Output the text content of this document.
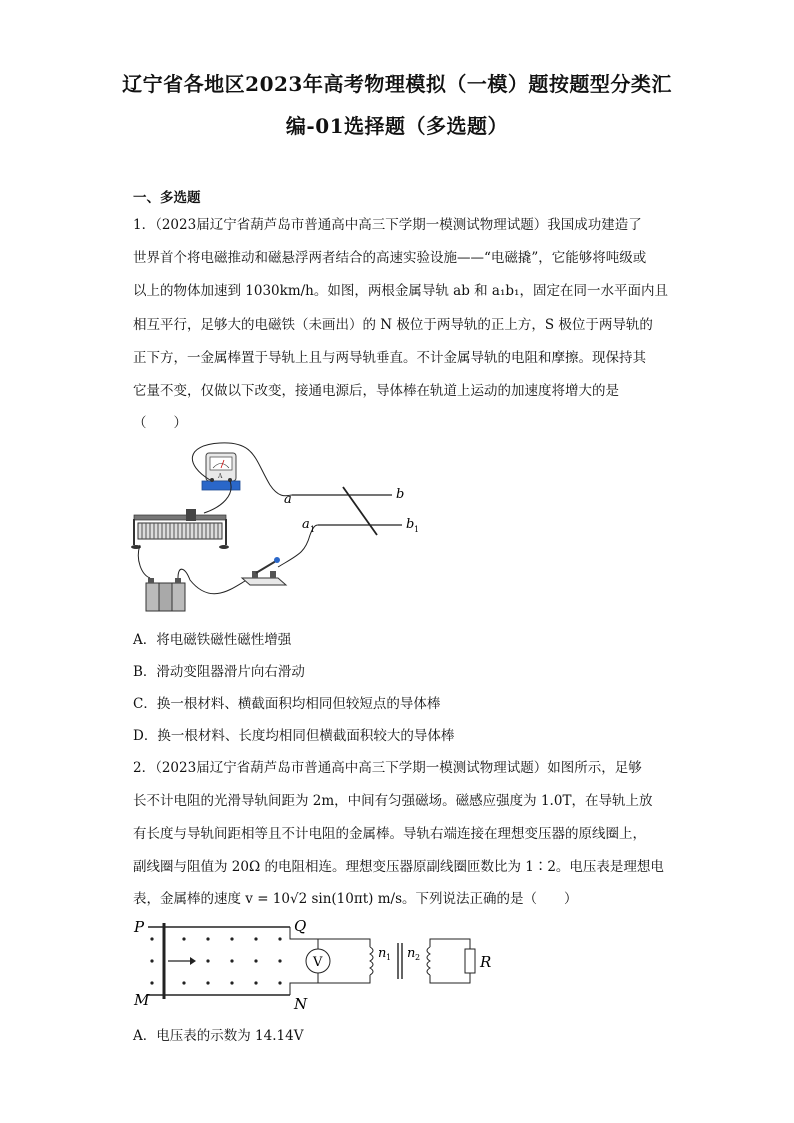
辽宁省各地区2023年高考物理模拟（一模）题按题型分类汇
编-01选择题（多选题）
一、多选题
1．（2023届辽宁省葫芦岛市普通高中高三下学期一模测试物理试题）我国成功建造了
世界首个将电磁推动和磁悬浮两者结合的高速实验设施——“电磁撬”，它能够将吨级或
以上的物体加速到 1030km/h。如图，两根金属导轨 ab 和 a₁b₁，固定在同一水平面内且
相互平行，足够大的电磁铁（未画出）的 N 极位于两导轨的正上方，S 极位于两导轨的
正下方，一金属棒置于导轨上且与两导轨垂直。不计金属导轨的电阻和摩擦。现保持其
它量不变，仅做以下改变，接通电源后，导体棒在轨道上运动的加速度将增大的是
（　　）
A
a	b
a 1	b 1
A．将电磁铁磁性磁性增强
B．滑动变阻器滑片向右滑动
C．换一根材料、横截面积均相同但较短点的导体棒
D．换一根材料、长度均相同但横截面积较大的导体棒
2．（2023届辽宁省葫芦岛市普通高中高三下学期一模测试物理试题）如图所示，足够
长不计电阻的光滑导轨间距为 2m，中间有匀强磁场。磁感应强度为 1.0T，在导轨上放
有长度与导轨间距相等且不计电阻的金属棒。导轨右端连接在理想变压器的原线圈上，
副线圈与阻值为 20Ω 的电阻相连。理想变压器原副线圈匝数比为 1∶2。电压表是理想电
表，金属棒的速度 v = 10√2 sin(10πt) m/s。下列说法正确的是（　　）
V
P
M
Q
N
n 1 n 2	R
A．电压表的示数为 14.14V
